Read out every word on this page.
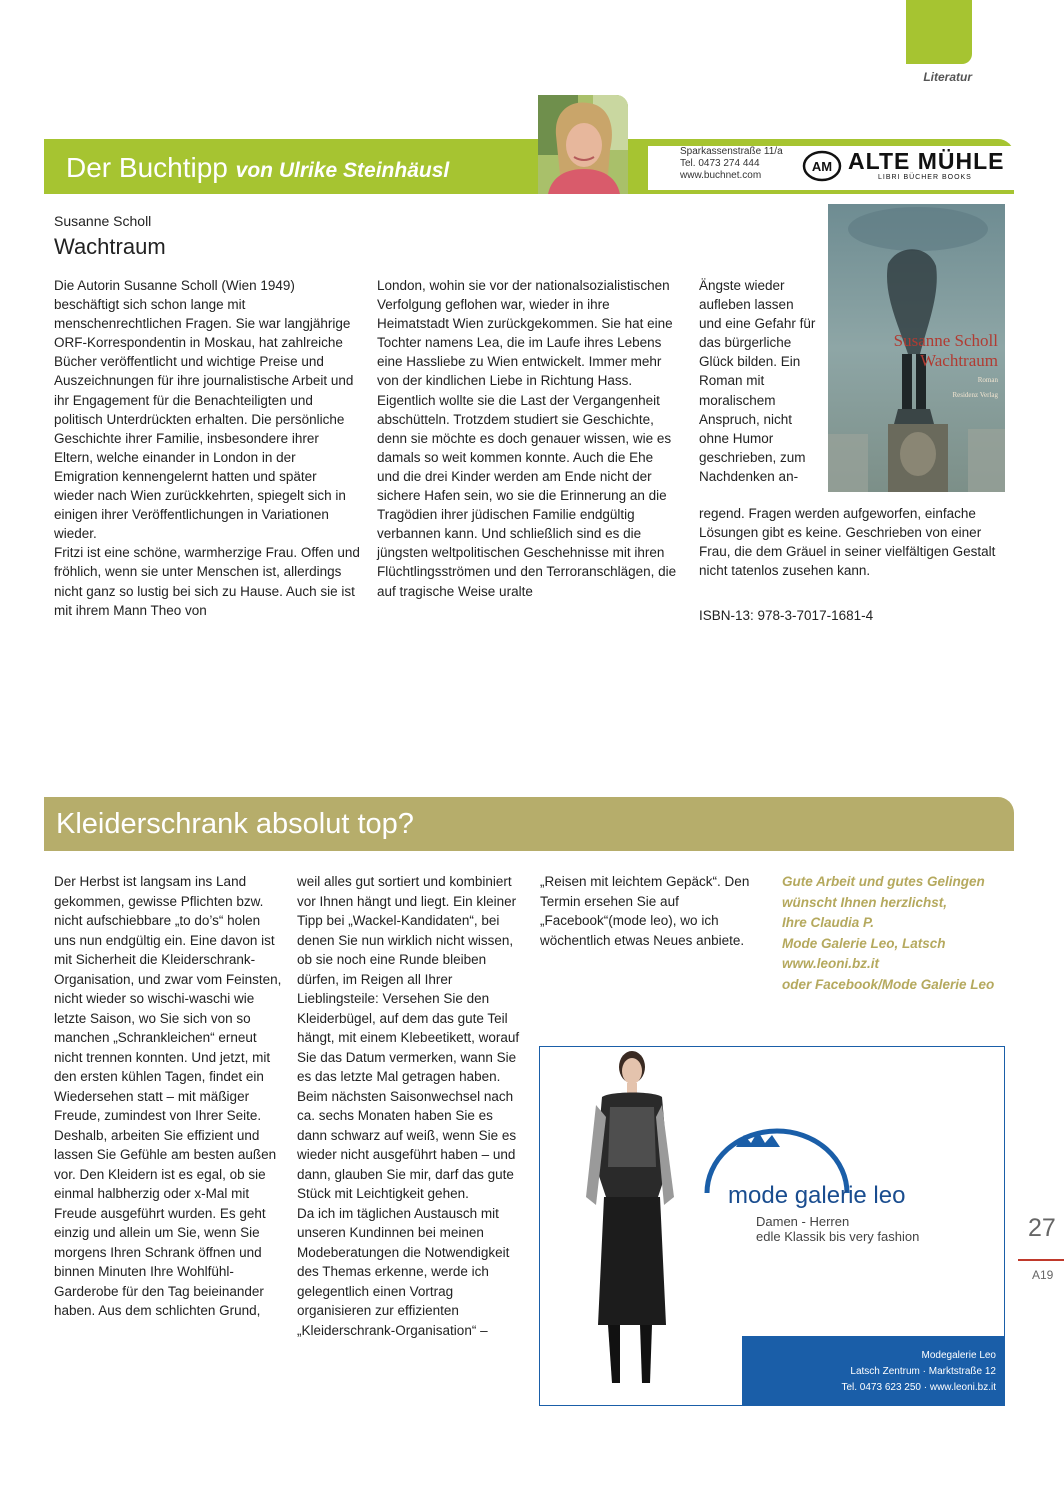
Literatur
Der Buchtipp von Ulrike Steinhäusl
Sparkassenstraße 11/a
Tel. 0473 274 444
www.buchnet.com
AM ALTE MÜHLE
LIBRI BÜCHER BOOKS
Susanne Scholl
Wachtraum

Die Autorin Susanne Scholl (Wien 1949) beschäftigt sich schon lange mit menschenrechtlichen Fragen. Sie war langjährige ORF-Korrespondentin in Moskau, hat zahlreiche Bücher veröffentlicht und wichtige Preise und Auszeichnungen für ihre journalistische Arbeit und ihr Engagement für die Benachteiligten und politisch Unterdrückten erhalten. Die persönliche Geschichte ihrer Familie, insbesondere ihrer Eltern, welche einander in London in der Emigration kennengelernt hatten und später wieder nach Wien zurückkehrten, spiegelt sich in einigen ihrer Veröffentlichungen in Variationen wieder.

Fritzi ist eine schöne, warmherzige Frau. Offen und fröhlich, wenn sie unter Menschen ist, allerdings nicht ganz so lustig bei sich zu Hause. Auch sie ist mit ihrem Mann Theo von

London, wohin sie vor der nationalsozialistischen Verfolgung geflohen war, wieder in ihre Heimatstadt Wien zurückgekommen. Sie hat eine Tochter namens Lea, die im Laufe ihres Lebens eine Hassliebe zu Wien entwickelt. Immer mehr von der kindlichen Liebe in Richtung Hass. Eigentlich wollte sie die Last der Vergangenheit abschütteln. Trotzdem studiert sie Geschichte, denn sie möchte es doch genauer wissen, wie es damals so weit kommen konnte. Auch die Ehe und die drei Kinder werden am Ende nicht der sichere Hafen sein, wo sie die Erinnerung an die Tragödien ihrer jüdischen Familie endgültig verbannen kann. Und schließlich sind es die jüngsten weltpolitischen Geschehnisse mit ihren Flüchtlingsströmen und den Terroranschlägen, die auf tragische Weise uralte

Ängste wieder aufleben lassen und eine Gefahr für das bürgerliche Glück bilden. Ein Roman mit moralischem Anspruch, nicht ohne Humor geschrieben, zum Nachdenken an-

regend. Fragen werden aufgeworfen, einfache Lösungen gibt es keine. Geschrieben von einer Frau, die dem Gräuel in seiner vielfältigen Gestalt nicht tatenlos zusehen kann.

ISBN-13: 978-3-7017-1681-4
Susanne Scholl
Wachtraum
Roman
Residenz Verlag
Kleiderschrank absolut top?

Der Herbst ist langsam ins Land gekommen, gewisse Pflichten bzw. nicht aufschiebbare „to do’s“ holen uns nun endgültig ein. Eine davon ist mit Sicherheit die Kleiderschrank-Organisation, und zwar vom Feinsten, nicht wieder so wischi-waschi wie letzte Saison, wo Sie sich von so manchen „Schrankleichen“ erneut nicht trennen konnten. Und jetzt, mit den ersten kühlen Tagen, findet ein Wiedersehen statt – mit mäßiger Freude, zumindest von Ihrer Seite.

Deshalb, arbeiten Sie effizient und lassen Sie Gefühle am besten außen vor. Den Kleidern ist es egal, ob sie einmal halbherzig oder x-Mal mit Freude ausgeführt wurden. Es geht einzig und allein um Sie, wenn Sie morgens Ihren Schrank öffnen und binnen Minuten Ihre Wohlfühl-Garderobe für den Tag beieinander haben. Aus dem schlichten Grund,

weil alles gut sortiert und kombiniert vor Ihnen hängt und liegt. Ein kleiner Tipp bei „Wackel-Kandidaten“, bei denen Sie nun wirklich nicht wissen, ob sie noch eine Runde bleiben dürfen, im Reigen all Ihrer Lieblingsteile: Versehen Sie den Kleiderbügel, auf dem das gute Teil hängt, mit einem Klebeetikett, worauf Sie das Datum vermerken, wann Sie es das letzte Mal getragen haben. Beim nächsten Saisonwechsel nach ca. sechs Monaten haben Sie es dann schwarz auf weiß, wenn Sie es wieder nicht ausgeführt haben – und dann, glauben Sie mir, darf das gute Stück mit Leichtigkeit gehen.

Da ich im täglichen Austausch mit unseren Kundinnen bei meinen Modeberatungen die Notwendigkeit des Themas erkenne, werde ich gelegentlich einen Vortrag organisieren zur effizienten „Kleiderschrank-Organisation“ –

„Reisen mit leichtem Gepäck“. Den Termin ersehen Sie auf „Facebook“(mode leo), wo ich wöchentlich etwas Neues anbiete.

Gute Arbeit und gutes Gelingen
wünscht Ihnen herzlichst,
Ihre Claudia P.
Mode Galerie Leo, Latsch
www.leoni.bz.it
oder Facebook/Mode Galerie Leo
mode galerie leo
Damen - Herren
edle Klassik bis very fashion
Modegalerie Leo
Latsch Zentrum · Marktstraße 12
Tel. 0473 623 250 · www.leoni.bz.it
27
A19
